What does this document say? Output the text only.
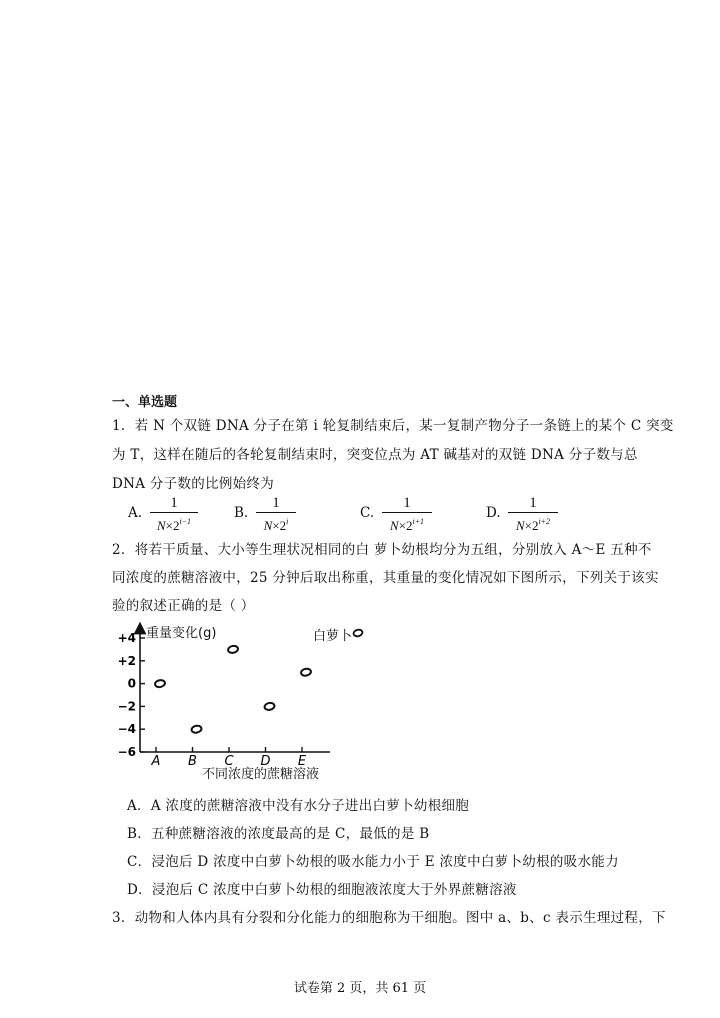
一、单选题
1．若 N 个双链 DNA 分子在第 i 轮复制结束后，某一复制产物分子一条链上的某个 C 突变
为 T，这样在随后的各轮复制结束时，突变位点为 AT 碱基对的双链 DNA 分子数与总
DNA 分子数的比例始终为
A.
1
$N\times 2^{i-1}$
B.
1
$N\times 2^i$
C.
1
$N\times 2^{i+1}$
D.
1
$N\times 2^{i+2}$
2．将若干质量、大小等生理状况相同的白 萝卜幼根均分为五组，分别放入 A～E 五种不
同浓度的蔗糖溶液中，25 分钟后取出称重，其重量的变化情况如下图所示，下列关于该实
验的叙述正确的是（ ）
重量变化(g)	白萝卜
+4
+2
0
−2
−4
−6
A B C D E
不同浓度的蔗糖溶液
A．A 浓度的蔗糖溶液中没有水分子进出白萝卜幼根细胞
B．五种蔗糖溶液的浓度最高的是 C，最低的是 B
C．浸泡后 D 浓度中白萝卜幼根的吸水能力小于 E 浓度中白萝卜幼根的吸水能力
D．浸泡后 C 浓度中白萝卜幼根的细胞液浓度大于外界蔗糖溶液
3．动物和人体内具有分裂和分化能力的细胞称为干细胞。图中 a、b、c 表示生理过程，下
试卷第 2 页，共 61 页
